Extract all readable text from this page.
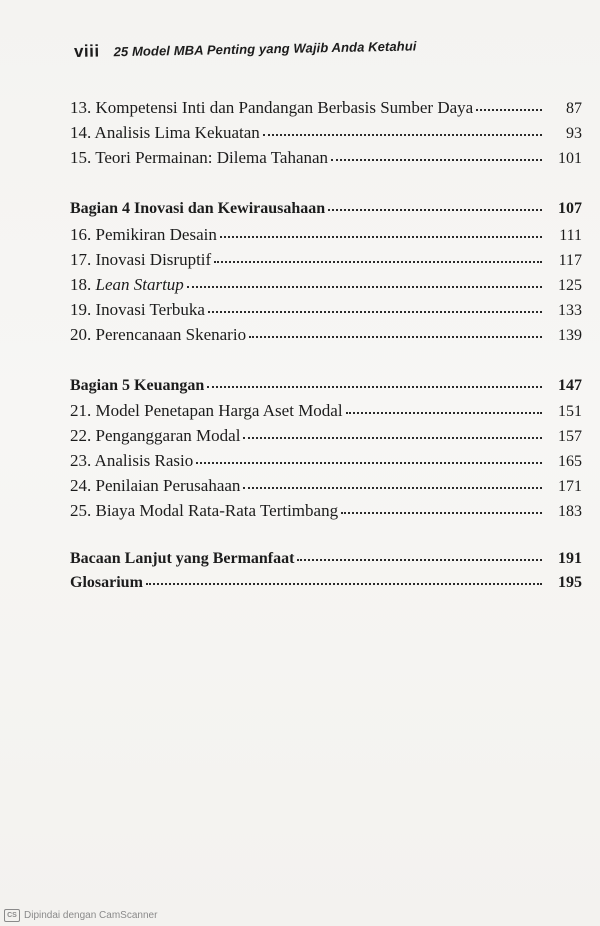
viii 25 Model MBA Penting yang Wajib Anda Ketahui
13. Kompetensi Inti dan Pandangan Berbasis Sumber Daya	87
14. Analisis Lima Kekuatan	93
15. Teori Permainan: Dilema Tahanan	101
Bagian 4 Inovasi dan Kewirausahaan	107
16. Pemikiran Desain	111
17. Inovasi Disruptif	117
18. Lean Startup	125
19. Inovasi Terbuka	133
20. Perencanaan Skenario	139
Bagian 5 Keuangan	147
21. Model Penetapan Harga Aset Modal	151
22. Penganggaran Modal	157
23. Analisis Rasio	165
24. Penilaian Perusahaan	171
25. Biaya Modal Rata-Rata Tertimbang	183
Bacaan Lanjut yang Bermanfaat	191
Glosarium	195
CS Dipindai dengan CamScanner
